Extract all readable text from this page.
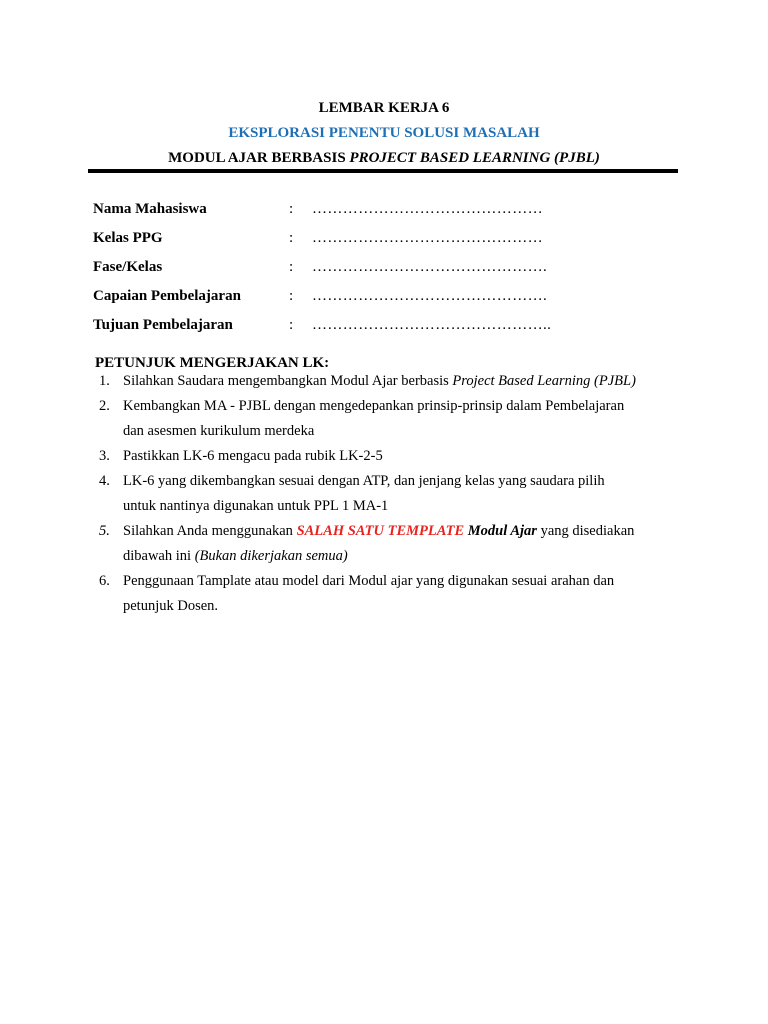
LEMBAR KERJA 6
EKSPLORASI PENENTU SOLUSI MASALAH
MODUL AJAR BERBASIS PROJECT BASED LEARNING (PJBL)
Nama Mahasiswa	: ………………………………………
Kelas PPG	: ………………………………………
Fase/Kelas	: ……………………………………….
Capaian Pembelajaran	: ……………………………………….
Tujuan Pembelajaran	: ………………………………………..
PETUNJUK MENGERJAKAN LK:
1. Silahkan Saudara mengembangkan Modul Ajar berbasis Project Based Learning (PJBL)
2. Kembangkan MA - PJBL dengan mengedepankan prinsip-prinsip dalam Pembelajaran
dan asesmen kurikulum merdeka
3. Pastikkan LK-6 mengacu pada rubik LK-2-5
4. LK-6 yang dikembangkan sesuai dengan ATP, dan jenjang kelas yang saudara pilih
untuk nantinya digunakan untuk PPL 1 MA-1
5. Silahkan Anda menggunakan SALAH SATU TEMPLATE Modul Ajar yang disediakan
dibawah ini (Bukan dikerjakan semua)
6. Penggunaan Tamplate atau model dari Modul ajar yang digunakan sesuai arahan dan
petunjuk Dosen.
